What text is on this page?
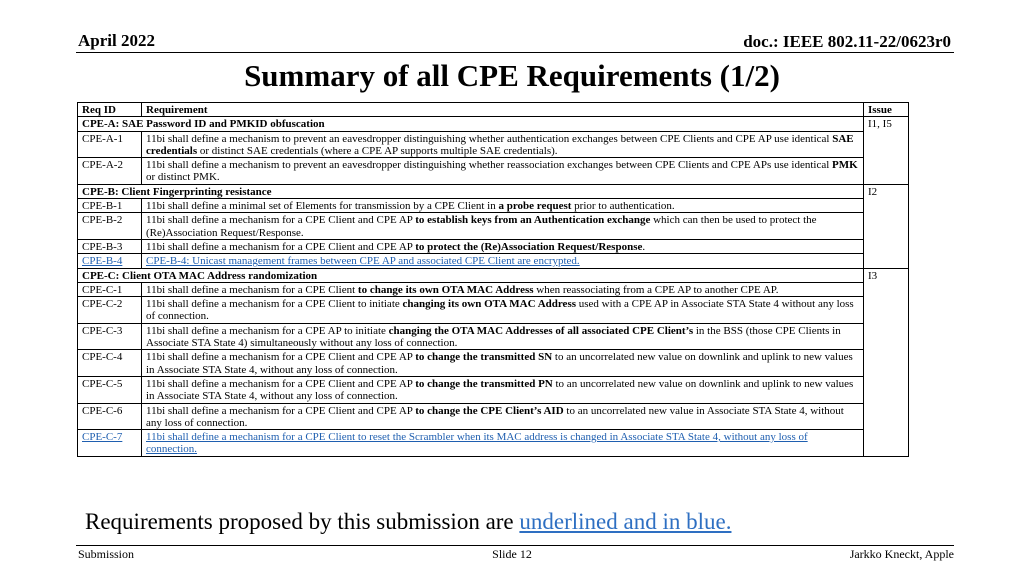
April 2022	doc.: IEEE 802.11-22/0623r0
Summary of all CPE Requirements (1/2)
Req ID	Requirement	Issue
CPE-A: SAE Password ID and PMKID obfuscation		I1, I5
CPE-A-1	11bi shall define a mechanism to prevent an eavesdropper distinguishing whether authentication exchanges between CPE Clients and CPE AP use identical SAE credentials or distinct SAE credentials (where a CPE AP supports multiple SAE credentials).	
CPE-A-2	11bi shall define a mechanism to prevent an eavesdropper distinguishing whether reassociation exchanges between CPE Clients and CPE APs use identical PMK or distinct PMK.	
CPE-B: Client Fingerprinting resistance		I2
CPE-B-1	11bi shall define a minimal set of Elements for transmission by a CPE Client in a probe request prior to authentication.	
CPE-B-2	11bi shall define a mechanism for a CPE Client and CPE AP to establish keys from an Authentication exchange which can then be used to protect the (Re)Association Request/Response.	
CPE-B-3	11bi shall define a mechanism for a CPE Client and CPE AP to protect the (Re)Association Request/Response.	
CPE-B-4	CPE-B-4: Unicast management frames between CPE AP and associated CPE Client are encrypted.	
CPE-C: Client OTA MAC Address randomization		I3
CPE-C-1	11bi shall define a mechanism for a CPE Client to change its own OTA MAC Address when reassociating from a CPE AP to another CPE AP.	
CPE-C-2	11bi shall define a mechanism for a CPE Client to initiate changing its own OTA MAC Address used with a CPE AP in Associate STA State 4 without any loss of connection.	
CPE-C-3	11bi shall define a mechanism for a CPE AP to initiate changing the OTA MAC Addresses of all associated CPE Client’s in the BSS (those CPE Clients in Associate STA State 4) simultaneously without any loss of connection.	
CPE-C-4	11bi shall define a mechanism for a CPE Client and CPE AP to change the transmitted SN to an uncorrelated new value on downlink and uplink to new values in Associate STA State 4, without any loss of connection.	
CPE-C-5	11bi shall define a mechanism for a CPE Client and CPE AP to change the transmitted PN to an uncorrelated new value on downlink and uplink to new values in Associate STA State 4, without any loss of connection.	
CPE-C-6	11bi shall define a mechanism for a CPE Client and CPE AP to change the CPE Client’s AID to an uncorrelated new value in Associate STA State 4, without any loss of connection.	
CPE-C-7	11bi shall define a mechanism for a CPE Client to reset the Scrambler when its MAC address is changed in Associate STA State 4, without any loss of connection.	
Requirements proposed by this submission are underlined and in blue.
Submission	Slide 12	Jarkko Kneckt, Apple
